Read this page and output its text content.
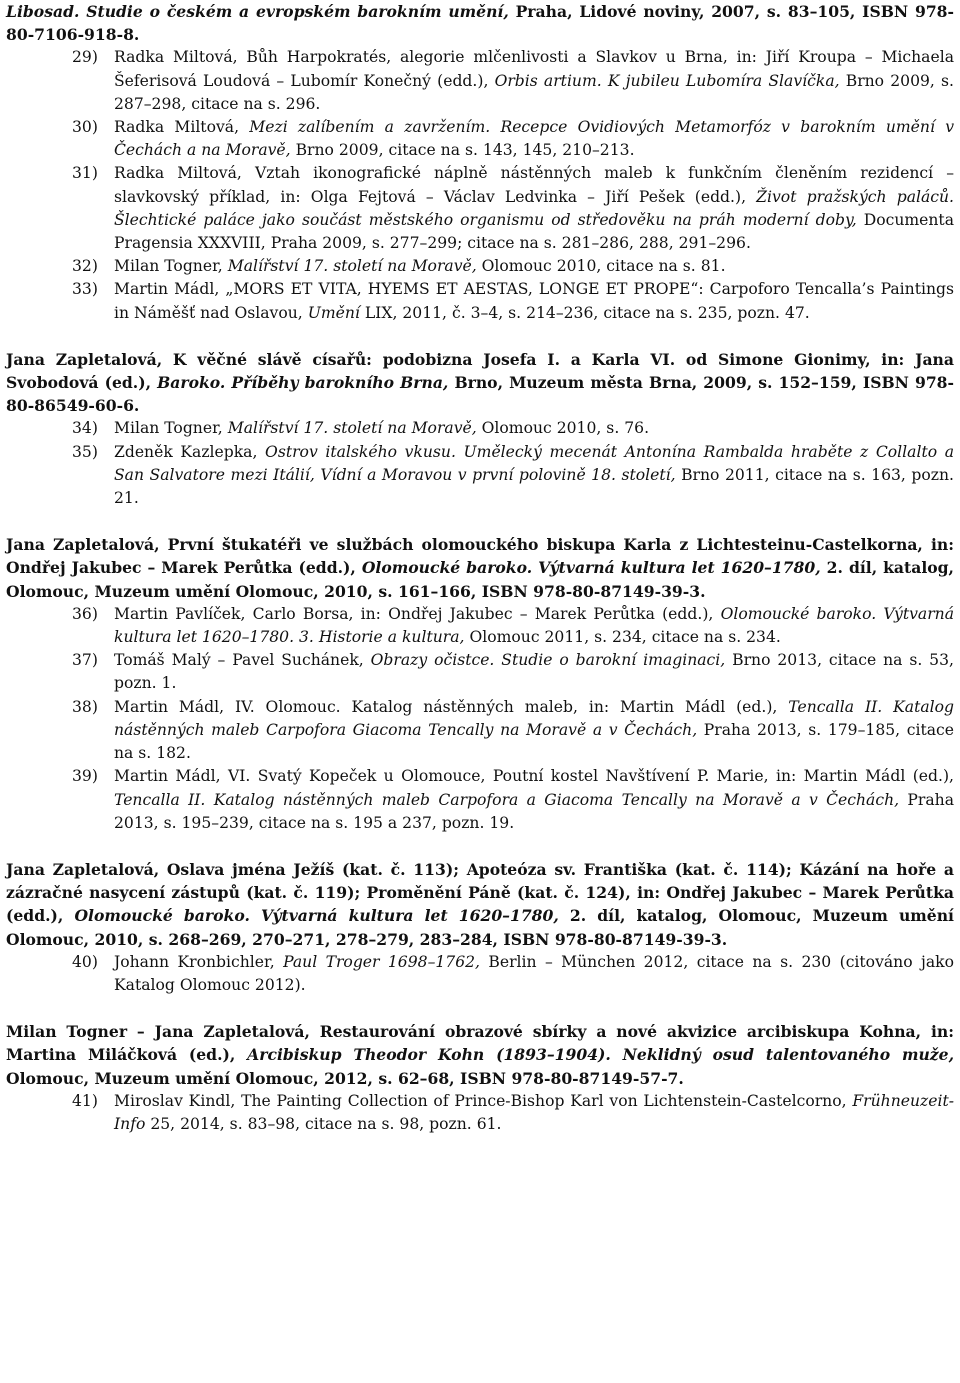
Libosad. Studie o českém a evropském barokním umění, Praha, Lidové noviny, 2007, s. 83–105, ISBN 978-80-7106-918-8.

29)	Radka Miltová, Bůh Harpokratés, alegorie mlčenlivosti a Slavkov u Brna, in: Jiří Kroupa – Michaela Šeferisová Loudová – Lubomír Konečný (edd.), Orbis artium. K jubileu Lubomíra Slavíčka, Brno 2009, s. 287–298, citace na s. 296.
30)	Radka Miltová, Mezi zalíbením a zavržením. Recepce Ovidiových Metamorfóz v barokním umění v Čechách a na Moravě, Brno 2009, citace na s. 143, 145, 210–213.
31)	Radka Miltová, Vztah ikonografické náplně nástěnných maleb k funkčním členěním rezidencí – slavkovský příklad, in: Olga Fejtová – Václav Ledvinka – Jiří Pešek (edd.), Život pražských paláců. Šlechtické paláce jako součást městského organismu od středověku na práh moderní doby, Documenta Pragensia XXXVIII, Praha 2009, s. 277–299; citace na s. 281–286, 288, 291–296.
32)	Milan Togner, Malířství 17. století na Moravě, Olomouc 2010, citace na s. 81.
33)	Martin Mádl, „MORS ET VITA, HYEMS ET AESTAS, LONGE ET PROPE“: Carpoforo Tencalla’s Paintings in Náměšť nad Oslavou, Umění LIX, 2011, č. 3–4, s. 214–236, citace na s. 235, pozn. 47.

Jana Zapletalová, K věčné slávě císařů: podobizna Josefa I. a Karla VI. od Simone Gionimy, in: Jana Svobodová (ed.), Baroko. Příběhy barokního Brna, Brno, Muzeum města Brna, 2009, s. 152–159, ISBN 978-80-86549-60-6.

34)	Milan Togner, Malířství 17. století na Moravě, Olomouc 2010, s. 76.
35)	Zdeněk Kazlepka, Ostrov italského vkusu. Umělecký mecenát Antonína Rambalda hraběte z Collalto a San Salvatore mezi Itálií, Vídní a Moravou v první polovině 18. století, Brno 2011, citace na s. 163, pozn. 21.

Jana Zapletalová, První štukatéři ve službách olomouckého biskupa Karla z Lichtesteinu-Castelkorna, in: Ondřej Jakubec – Marek Perůtka (edd.), Olomoucké baroko. Výtvarná kultura let 1620–1780, 2. díl, katalog, Olomouc, Muzeum umění Olomouc, 2010, s. 161–166, ISBN 978-80-87149-39-3.

36)	Martin Pavlíček, Carlo Borsa, in: Ondřej Jakubec – Marek Perůtka (edd.), Olomoucké baroko. Výtvarná kultura let 1620–1780. 3. Historie a kultura, Olomouc 2011, s. 234, citace na s. 234.
37)	Tomáš Malý – Pavel Suchánek, Obrazy očistce. Studie o barokní imaginaci, Brno 2013, citace na s. 53, pozn. 1.
38)	Martin Mádl, IV. Olomouc. Katalog nástěnných maleb, in: Martin Mádl (ed.), Tencalla II. Katalog nástěnných maleb Carpofora Giacoma Tencally na Moravě a v Čechách, Praha 2013, s. 179–185, citace na s. 182.
39)	Martin Mádl, VI. Svatý Kopeček u Olomouce, Poutní kostel Navštívení P. Marie, in: Martin Mádl (ed.), Tencalla II. Katalog nástěnných maleb Carpofora a Giacoma Tencally na Moravě a v Čechách, Praha 2013, s. 195–239, citace na s. 195 a 237, pozn. 19.

Jana Zapletalová, Oslava jména Ježíš (kat. č. 113); Apoteóza sv. Františka (kat. č. 114); Kázání na hoře a zázračné nasycení zástupů (kat. č. 119); Proměnění Páně (kat. č. 124), in: Ondřej Jakubec – Marek Perůtka (edd.), Olomoucké baroko. Výtvarná kultura let 1620–1780, 2. díl, katalog, Olomouc, Muzeum umění Olomouc, 2010, s. 268–269, 270–271, 278–279, 283–284, ISBN 978-80-87149-39-3.

40)	Johann Kronbichler, Paul Troger 1698–1762, Berlin – München 2012, citace na s. 230 (citováno jako Katalog Olomouc 2012).

Milan Togner – Jana Zapletalová, Restaurování obrazové sbírky a nové akvizice arcibiskupa Kohna, in: Martina Miláčková (ed.), Arcibiskup Theodor Kohn (1893–1904). Neklidný osud talentovaného muže, Olomouc, Muzeum umění Olomouc, 2012, s. 62–68, ISBN 978-80-87149-57-7.

41)	Miroslav Kindl, The Painting Collection of Prince-Bishop Karl von Lichtenstein-Castelcorno, Frühneuzeit-Info 25, 2014, s. 83–98, citace na s. 98, pozn. 61.
